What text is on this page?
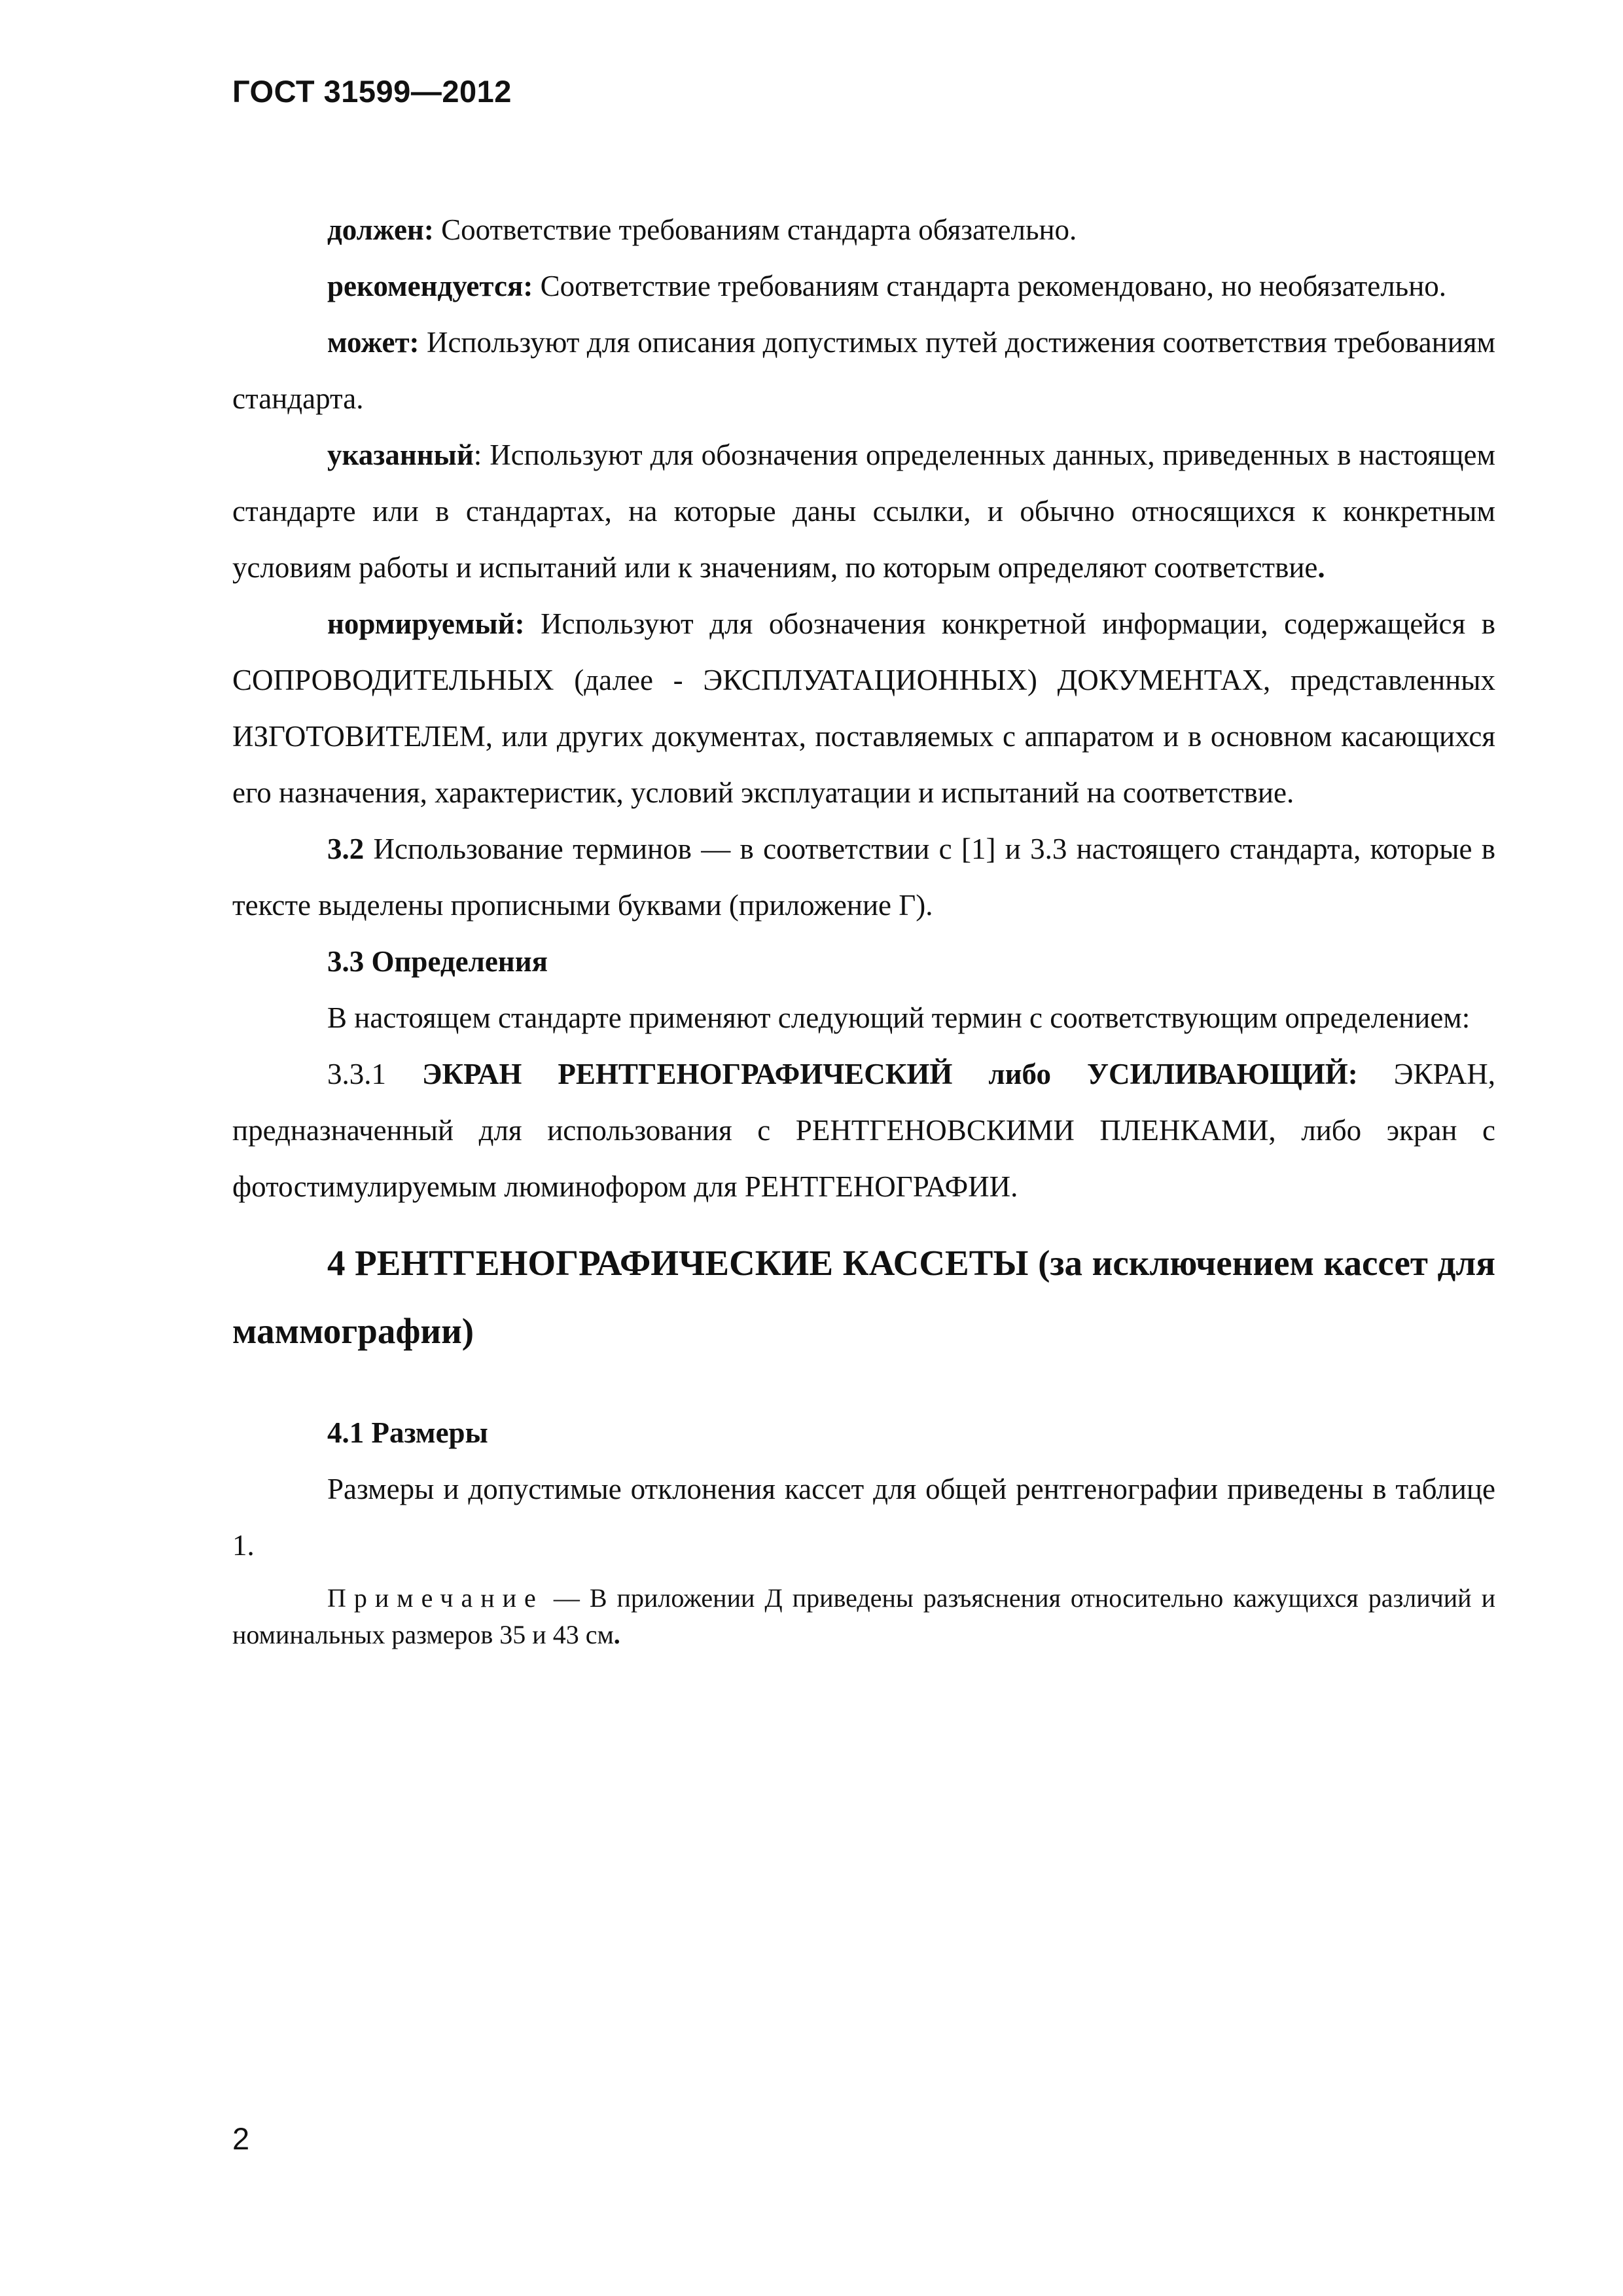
ГОСТ 31599—2012

должен: Соответствие требованиям стандарта обязательно.

рекомендуется: Соответствие требованиям стандарта рекомендовано, но необязательно.

может: Используют для описания допустимых путей достижения соответствия требованиям стандарта.

указанный: Используют для обозначения определенных данных, приведенных в настоящем стандарте или в стандартах, на которые даны ссылки, и обычно относящихся к конкретным условиям работы и испытаний или к значениям, по которым определяют соответствие.

нормируемый: Используют для обозначения конкретной информации, содержащейся в СОПРОВОДИТЕЛЬНЫХ (далее - ЭКСПЛУАТАЦИОННЫХ) ДОКУМЕНТАХ, представленных ИЗГОТОВИТЕЛЕМ, или других документах, поставляемых с аппаратом и в основном касающихся его назначения, характеристик, условий эксплуатации и испытаний на соответствие.

3.2 Использование терминов — в соответствии с [1] и 3.3 настоящего стандарта, которые в тексте выделены прописными буквами (приложение Г).

3.3 Определения

В настоящем стандарте применяют следующий термин с соответствующим определением:

3.3.1 ЭКРАН РЕНТГЕНОГРАФИЧЕСКИЙ либо УСИЛИВАЮЩИЙ: ЭКРАН, предназначенный для использования с РЕНТГЕНОВСКИМИ ПЛЕНКАМИ, либо экран с фотостимулируемым люминофором для РЕНТГЕНОГРАФИИ.

4 РЕНТГЕНОГРАФИЧЕСКИЕ КАССЕТЫ (за исключением кассет для маммографии)

4.1 Размеры

Размеры и допустимые отклонения кассет для общей рентгенографии приведены в таблице 1.

Примечание — В приложении Д приведены разъяснения относительно кажущихся различий и номинальных размеров 35 и 43 см.

2
